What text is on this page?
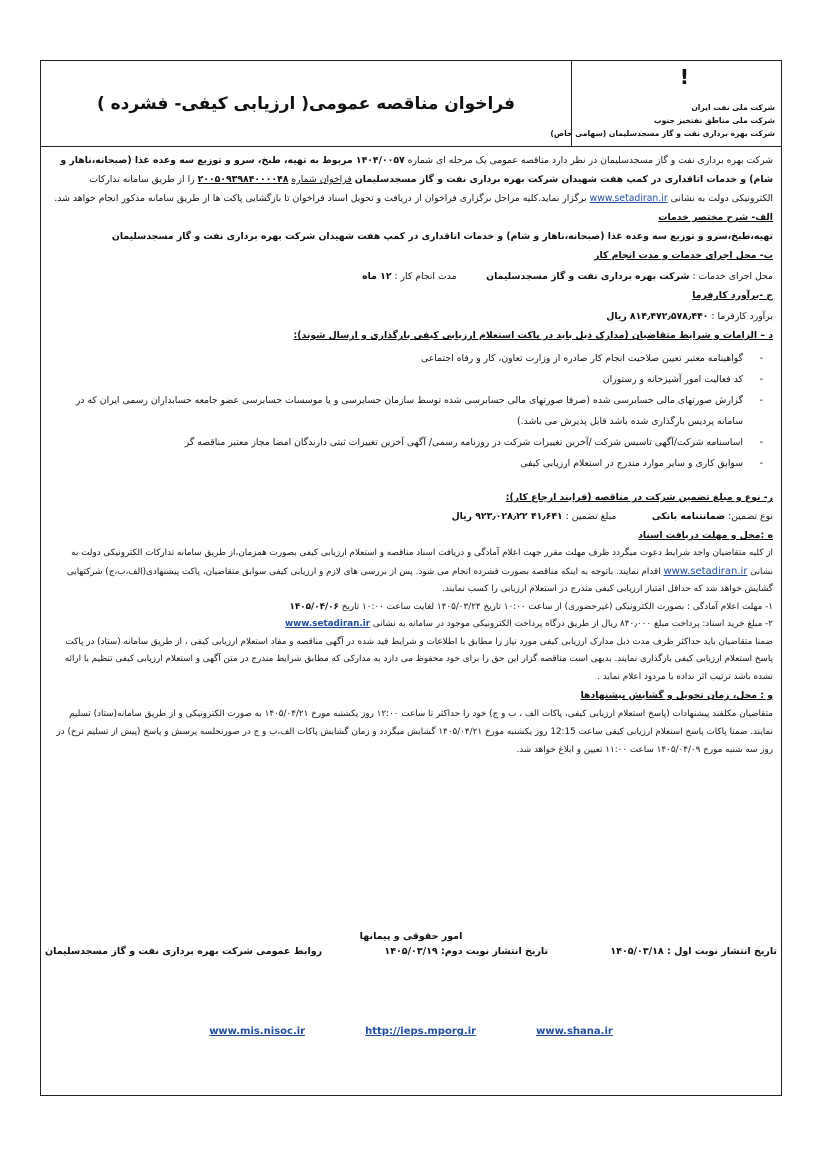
فراخوان مناقصه عمومی( ارزیابی کیفی- فشرده )
!
شرکت ملی نفت ایران
شرکت ملی مناطق نفتخیز جنوب
شرکت بهره برداری نفت و گاز مسجدسلیمان (سهامی خاص)

شرکت بهره برداری نفت و گاز مسجدسلیمان در نظر دارد مناقصه عمومی یک مرحله ای شماره ۱۴۰۴/۰۰۵۷ مربوط به تهیه، طبخ، سرو و توزیع سه وعده غذا (صبحانه،ناهار و شام) و خدمات اتاقداری در کمپ هفت شهیدان شرکت بهره برداری نفت و گاز مسجدسلیمان فراخوان شماره ۲۰۰۵۰۹۳۹۸۴۰۰۰۰۴۸ را از طریق سامانه تدارکات الکترونیکی دولت به نشانی www.setadiran.ir برگزار نماید.کلیه مراحل برگزاری فراخوان از دریافت و تحویل اسناد فراخوان تا بازگشایی پاکت ها از طریق سامانه مذکور انجام خواهد شد.

الف- شرح مختصر خدمات

تهیه،طبخ،سرو و توزیع سه وعده غذا (صبحانه،ناهار و شام) و خدمات اتاقداری در کمپ هفت شهیدان شرکت بهره برداری نفت و گاز مسجدسلیمان

ب- محل اجرای خدمات و مدت انجام کار

محل اجرای خدمات : شرکت بهره برداری نفت و گاز مسجدسلیمان          مدت انجام کار : ۱۲ ماه

ج -برآورد کارفرما

برآورد کارفرما : ۸۱۴٫۴۷۲٫۵۷۸٫۴۴۰ ریال

د – الزامات و شرایط متقاضیان (مدارک ذیل باید در پاکت استعلام ارزیابی کیفی بارگذاری و ارسال شوند):

- گواهینامه معتبر تعیین صلاحیت انجام کار صادره از وزارت تعاون، کار و رفاه اجتماعی
- کد فعالیت امور آشپزخانه و رستوران
- گزارش صورتهای مالی حسابرسی شده (صرفا صورتهای مالی حسابرسی شده توسط سازمان حسابرسی و یا موسسات حسابرسی عضو جامعه حسابداران رسمی ایران که در سامانه پردیس بارگذاری شده باشد قابل پذیرش می باشد.)
- اساسنامه شرکت/آگهی تاسیس شرکت /آخرین تغییرات شرکت در روزنامه رسمی/ آگهی آخرین تغییرات ثبتی دارندگان امضا مجاز معتبر مناقصه گر
- سوابق کاری و سایر موارد مندرج در استعلام ارزیابی کیفی

ر- نوع و مبلغ تضمین شرکت در مناقصه (فرایند ارجاع کار):

نوع تضمین: ضمانتنامه بانکی            مبلغ تضمین : ۴۱٫۶۴۱ ۹۲۳٫۰۲۸٫۲۲ ریال

ه :محل و مهلت دریافت اسناد

از کلیه متقاضیان واجد شرایط دعوت میگردد ظرف مهلت مقرر جهت اعلام آمادگی و دریافت اسناد مناقصه و استعلام ارزیابی کیفی بصورت همزمان،از طریق سامانه تدارکات الکترونیکی دولت به نشانی www.setadiran.ir اقدام نمایند. باتوجه به اینکه مناقصه بصورت فشرده انجام می شود. پس از بررسی های لازم و ارزیابی کیفی سوابق متقاضیان، پاکت پیشنهادی(الف،ب،ج) شرکتهایی گشایش خواهد شد که حداقل امتیاز ارزیابی کیفی مندرج در استعلام ارزیابی را کسب نمایند.

۱- مهلت اعلام آمادگی : بصورت الکترونیکی (غیرحضوری) از ساعت ۱۰:۰۰ تاریخ ۱۴۰۵/۰۳/۲۴ لغایت ساعت ۱۰:۰۰ تاریخ ۱۴۰۵/۰۴/۰۶

۲- مبلغ خرید اسناد: پرداخت مبلغ ۸۴۰٫۰۰۰ ریال از طریق درگاه پرداخت الکترونیکی موجود در سامانه به نشانی www.setadiran.ir

ضمنا متقاضیان باید حداکثر ظرف مدت ذیل مدارک ارزیابی کیفی مورد نیاز را مطابق با اطلاعات و شرایط قید شده در آگهی مناقصه و مفاد استعلام ارزیابی کیفی ، از طریق سامانه (ستاد) در پاکت پاسخ استعلام ارزیابی کیفی بارگذاری نمایند. بدیهی است مناقصه گزار این حق را برای خود محفوظ می دارد به مدارکی که مطابق شرایط مندرج در متن آگهی و استعلام ارزیابی کیفی تنظیم یا ارائه نشده باشد ترتیب اثر نداده یا مردود اعلام نماید .

و : محل، زمان تحویل و گشایش پیشنهادها

متقاضیان مکلفند پیشنهادات (پاسخ استعلام ارزیابی کیفی، پاکات الف ، ب و ج) خود را حداکثر تا ساعت ۱۲:۰۰ روز یکشنبه مورخ ۱۴۰۵/۰۴/۲۱ به صورت الکترونیکی و از طریق سامانه(ستاد) تسلیم نمایند. ضمنا پاکات پاسخ استعلام ارزیابی کیفی ساعت 12:15 روز یکشنبه مورخ ۱۴۰۵/۰۴/۲۱ گشایش میگردد و زمان گشایش پاکات الف،ب و ج در صورتجلسه پرسش و پاسخ (پیش از تسلیم نرخ) در روز سه شنبه مورخ ۱۴۰۵/۰۴/۰۹ ساعت ۱۱:۰۰ تعیین و ابلاغ خواهد شد.

امور حقوقی و پیمانها
تاریخ انتشار نوبت اول : ۱۴۰۵/۰۳/۱۸
تاریخ انتشار نوبت دوم: ۱۴۰۵/۰۳/۱۹
روابط عمومی شرکت بهره برداری نفت و گاز مسجدسلیمان
www.mis.nisoc.ir	http://ieps.mporg.ir	www.shana.ir
